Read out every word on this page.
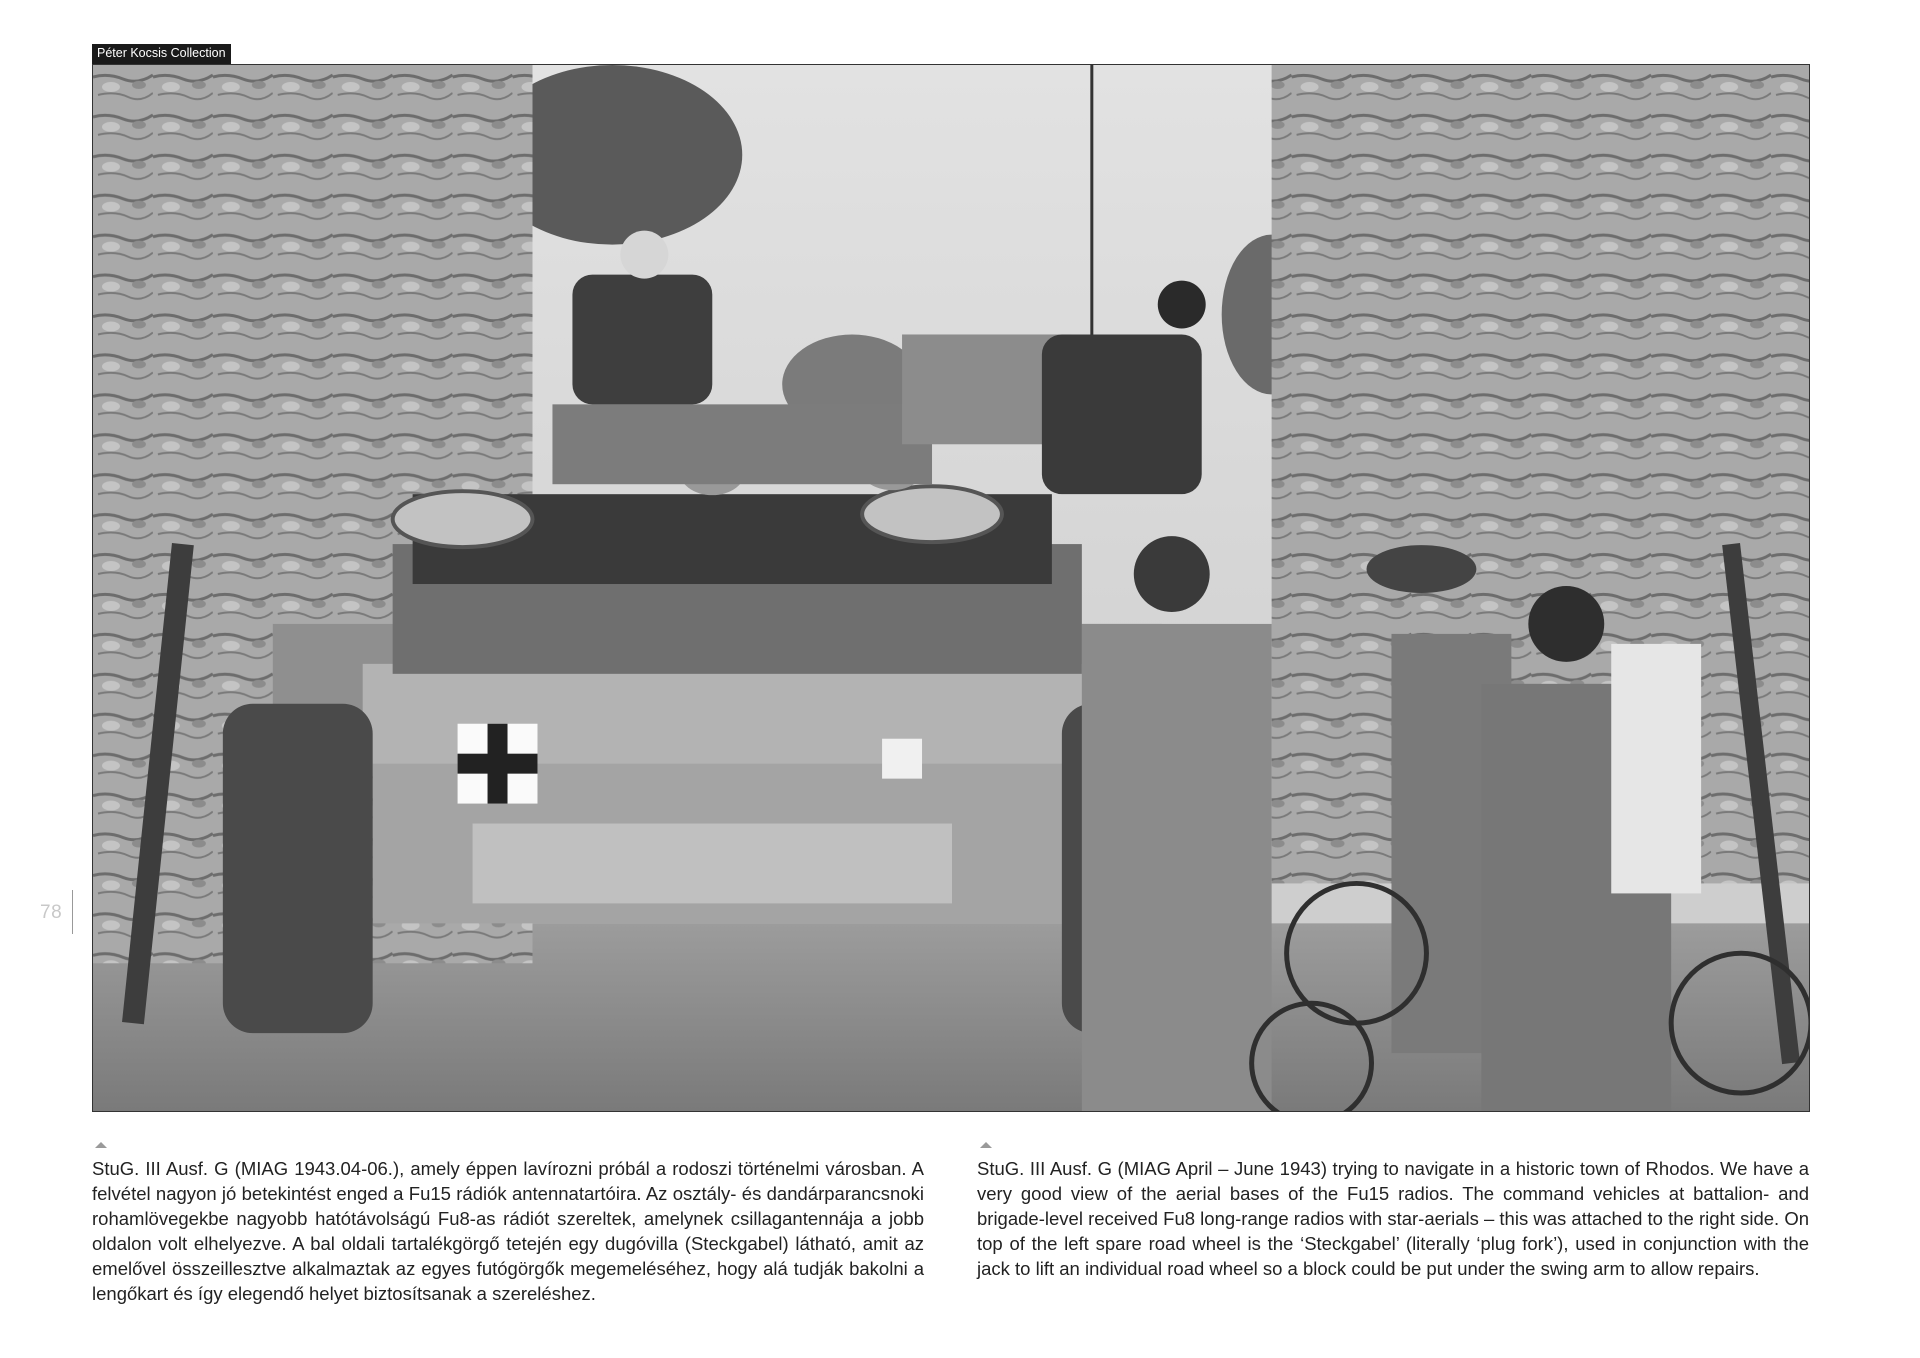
Péter Kocsis Collection
78

StuG. III Ausf. G (MIAG 1943.04-06.), amely éppen lavírozni próbál a rodoszi történelmi városban. A felvétel nagyon jó betekintést enged a Fu15 rádiók antennatartóira. Az osztály- és dandárparancsnoki rohamlövegekbe nagyobb hatótávolságú Fu8-as rádiót szereltek, amelynek csillagantennája a jobb oldalon volt elhelyezve. A bal oldali tartalékgörgő tetején egy dugóvilla (Steckgabel) látható, amit az emelővel összeillesztve alkalmaztak az egyes futógörgők megemeléséhez, hogy alá tudják bakolni a lengőkart és így elegendő helyet biztosítsanak a szereléshez.

StuG. III Ausf. G (MIAG April – June 1943) trying to navigate in a historic town of Rhodos. We have a very good view of the aerial bases of the Fu15 radios. The command vehicles at battalion- and brigade-level received Fu8 long-range radios with star-aerials – this was attached to the right side. On top of the left spare road wheel is the ‘Steckgabel’ (literally ‘plug fork’), used in conjunction with the jack to lift an individual road wheel so a block could be put under the swing arm to allow repairs.
